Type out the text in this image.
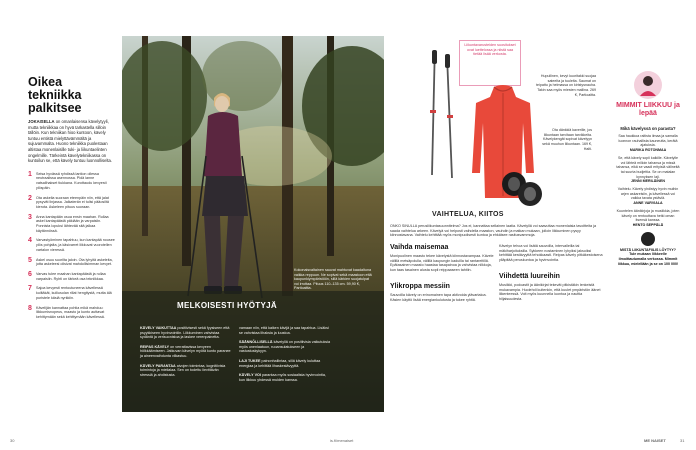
Oikea tekniikka palkitsee
JOKAISELLA on omanlaisensa kävelytyyli, mutta tekniikkaa on hyvä tarkastella silloin tällöin. Kun tekniikan hioo kuntoon, kävely tuntuu entistä mielyttävämmältä ja sujuvammalta. Huono tekniikka puolestaan altistaa monenlaisille tuki- ja liikuntaelinten ongelmille. Tärkeintä kävelytekniikassa on kuntoilun se, että kävely tuntuu luonnolliselta.
1 Seisa hyvässä ryhdissä lantion ollessa neutraalissa asennossa. Pidä lanne vatsalihakset tiukkana. Kurottaudu kevyesti ylöspäin.
2 Ota askelia suoraan eteenpäin niin, että jalat pysyvät linjassa. Jalkaterän ei tulisi pääosiltä kierota. Askeleen pituus suoraan.
3 Anna kantapään osua ensin maahan. Rullaa askel kantapäästä päkiään ja varpaisiin. Ponnista lopuksi lähtevää sitä jalkaa käytännössä.
4 Varvastyöminen tapahtuu, kun kantapää nousee ylös pohjalta, ja käsivarret liikkuvat vuorotellen vartalon vieressä.
5 Askel osuu suorilta jaloin. Ota lyhyitä askeleita, jotta askeleesi olisivat mahdollisimman kevyet.
6 Varvas tulee maahan kantapäästä ja rullaa varpaisiin. Ryhti on tärkeä osa tekniikkaa.
7 Sajoa kevyesti rentoutuneena kävellessä kuiltäkät, kuiliusolan rillat hengitystä, mutta älä puristele käsiä nyrkkiin.
8 Kävelijän kannattaa pohtia mikä mahduu: liikkumisnopeus, maasto ja kunto auttavat kehittymään sekä kehittymään kävellessä.
Kokonaisvaltainen sauvat mahtuvat kaadaltuna vaikka reppuun. Ne sopivat sekä maastoon että kaupunkiympäristöön, sillä kärkien suojatulpat voi irrottaa. Pituus 110–135 cm. 59,90 €, Partioaitta.
MELKOISESTI HYÖTYJÄ
KÄVELY VAIKUTTAA positiivisesti sekä fyysiseen että psyykkiseen hyvinvointiin. Liikkuminen vahvistaa sydäntä ja verisuonistoa ja laskee verenpainetta.
REIPAS KÄVELY on verrattavissa kevyeen hölkkäämiseen. Jatkuvan kävelyn myötä kunto paranee ja aineenvaihdunta vilkastuu.
KÄVELY PARANTAA aivojen toimintaa, kognitiivisia toimintoja ja mielialaa. Sen on todettu lievittävän stressiä ja ahdistusta.
vamaan niin, että kaiken kävijä ja saa tapahtua. Lisäksi se vahvistaa lihaksia ja luustoa.
SÄÄNNÖLLISELLÄ kävelyllä on positiivisia vaikutuksia myös unenlaatuun, ruoansulatukseen ja vastustuskykyyn.
LAJI TUKEE painonhallintaa, sillä kävely kuluttaa energiaa ja kehittää lihaskestävyyttä.
KÄVELY VOI parantaa myös sosiaalista hyvinvointia, kun liikkuu yhdessä muiden kanssa.
Liikuntavarusteiden suositukset ovat luettelossa ja niistä saa tietää lisää verkosta.
Hupullinen, kevyt kuoritakki suojaa sateelta ja tuulelta. Saumat on teipattu ja helmassa on kiristysnauha. Takin saa myös miesten mallina. 269 €, Partioaitta.
Ota dänkkiä kaverille, jos liikuntaan tarvitaan tarvikkeita. Kävelykengät sopivat kävelyyn sekä muuhun liikuntaan. 169 €, Halti.
VAIHTELUA, KIITOS
ONKO SINULLA perusliikuntasuunnitelma? Jos ei, kannattaa sellainen laatia. Kävelyllä voi saavuttaa monenlaisia tavoitteita ja saada vaihtelua arkeen. Kävelyä voi helposti vaihdella maaston, vauhdin ja matkan mukaan, jolloin liikkuminen pysyy kiinnostavana. Vaihtelu kehittää myös monipuolisesti kuntoa ja ehkäisee rasitusvammoja.
Vaihda maisemaa
Monipuolinen maasto tekee kävelystä kiinnostavampaa. Kävele välillä metsäpolulla, välillä kaupungin kaduilla tai rantareitillä. Epätasainen maasto haastaa tasapainoa ja vahvistaa nilkkoja, kun taas tasainen alusta sopii reippaaseen tahtiin.
Ylikroppa messiin
Sauvoilla kävely on erinomainen tapa aktivoida ylävartaloa. Käsien käyttö lisää energiankulutusta ja tukee ryhtiä.
Kävelyn tehoa voi lisätä sauvoilla, intervalleilla tai mäkiharjoituksilla. Sykkeen nostaminen lyhyiksi jaksoiksi kehittää kestävyyttä tehokkaasti. Reipas kävely pitkäkestoisena ylläpitää peruskuntoa ja hyvinvointia.
Viihdettä luureihin
Musiikki, podcastit ja äänikirjat tekevät pitkistäkin lenkeistä mukavampia. Huolehdi kuitenkin, että kuulet ympäristön äänet liikenteessä. Voit myös kuunnella luontoa ja nauttia hiljaisuudesta.
MIMMIT LIIKKUU ja lepää
Mikä kävelyssä on parasta?
Saa haukkoa raitista ilmaa ja samalla luonnon rauhallista kauneutta, kerätä ajatuksia.
MARIKA ROTONMAA
Se, että kävely sopii kaikille. Kävelylle voi lähteä milloin tahansa ja missä tahansa, eikä se vaadi erityisiä välineitä tai suurta budjettia. Se on matalan kynnyksen laji.
JENNI MERILÄINEN
Vaihtelu. Kävely yhdistyy hyvin muihin arjen askareisiin, ja kävellessä voi vaikka tavata ystäviä.
ANNE VARVIALA
Kuuntelen äänikirjoja ja musiikkia, joten kävely on rentouttava hetki oman itsensä kanssa.
HENTO SEPPÄLÄ
MISTÄ LIIKUNTAFIILIS LÖYTYY? Tule mukaan liikkeelle ilmoittautumalla verkossa. Mimmit liikkuu, mielellään ja se on 100 000!
30	is.fi/menaiset	ME NAISET	31
